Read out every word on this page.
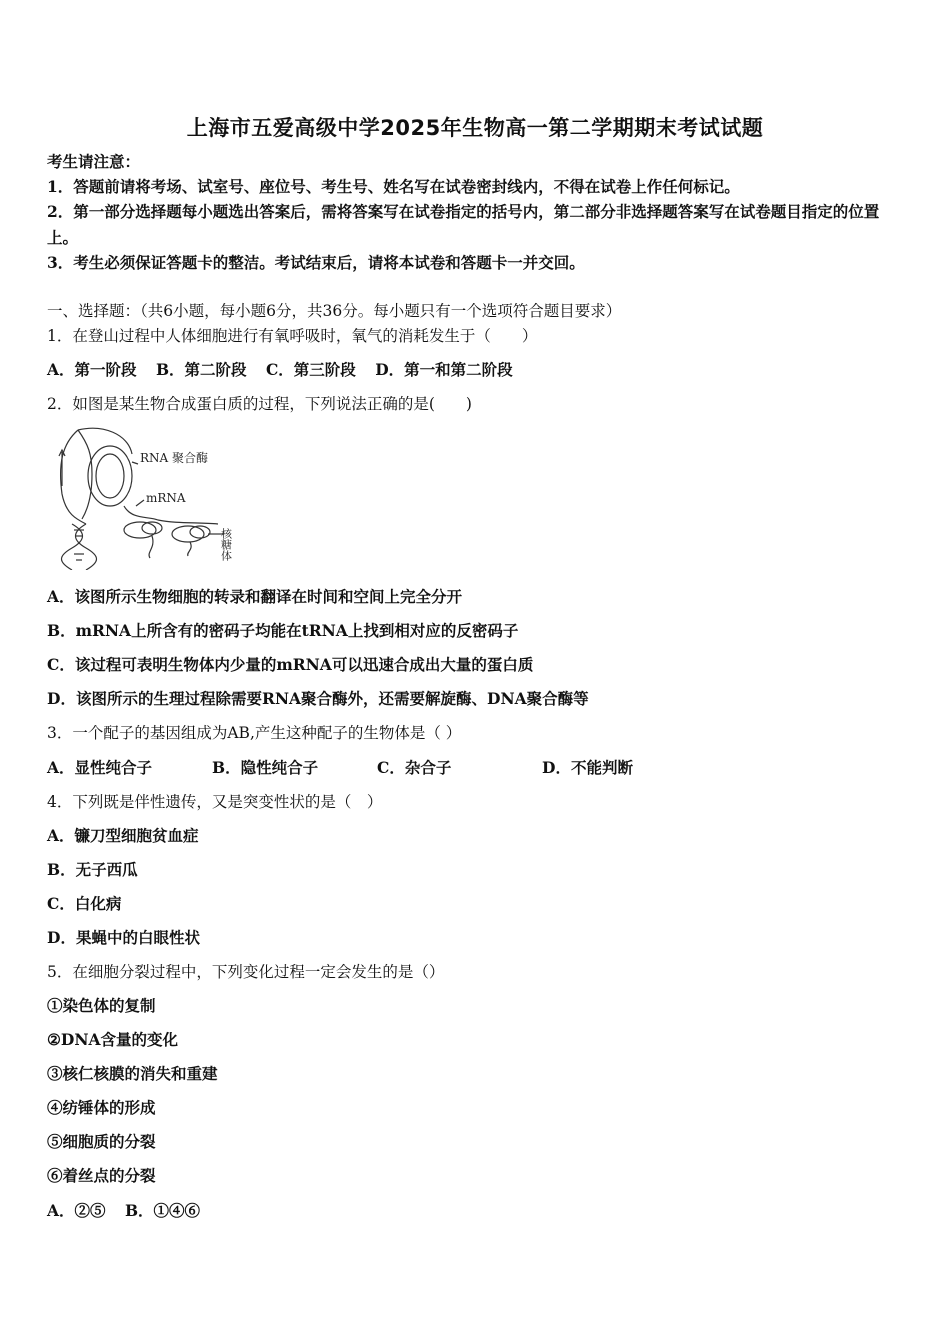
上海市五爱高级中学2025年生物高一第二学期期末考试试题
考生请注意：
1．答题前请将考场、试室号、座位号、考生号、姓名写在试卷密封线内，不得在试卷上作任何标记。
2．第一部分选择题每小题选出答案后，需将答案写在试卷指定的括号内，第二部分非选择题答案写在试卷题目指定的位置上。
3．考生必须保证答题卡的整洁。考试结束后，请将本试卷和答题卡一并交回。
一、选择题：（共6小题，每小题6分，共36分。每小题只有一个选项符合题目要求）
1．在登山过程中人体细胞进行有氧呼吸时，氧气的消耗发生于（　　）
A．第一阶段 B．第二阶段 C．第三阶段 D．第一和第二阶段
2．如图是某生物合成蛋白质的过程，下列说法正确的是(　　)
RNA 聚合酶
mRNA
核糖体
A．该图所示生物细胞的转录和翻译在时间和空间上完全分开
B．mRNA上所含有的密码子均能在tRNA上找到相对应的反密码子
C．该过程可表明生物体内少量的mRNA可以迅速合成出大量的蛋白质
D．该图所示的生理过程除需要RNA聚合酶外，还需要解旋酶、DNA聚合酶等
3．一个配子的基因组成为AB,产生这种配子的生物体是（ ）
A．显性纯合子	B．隐性纯合子	C．杂合子	D．不能判断
4．下列既是伴性遗传，又是突变性状的是（　）
A．镰刀型细胞贫血症
B．无子西瓜
C．白化病
D．果蝇中的白眼性状
5．在细胞分裂过程中，下列变化过程一定会发生的是（）
①染色体的复制
②DNA含量的变化
③核仁核膜的消失和重建
④纺锤体的形成
⑤细胞质的分裂
⑥着丝点的分裂
A．②⑤ B．①④⑥
